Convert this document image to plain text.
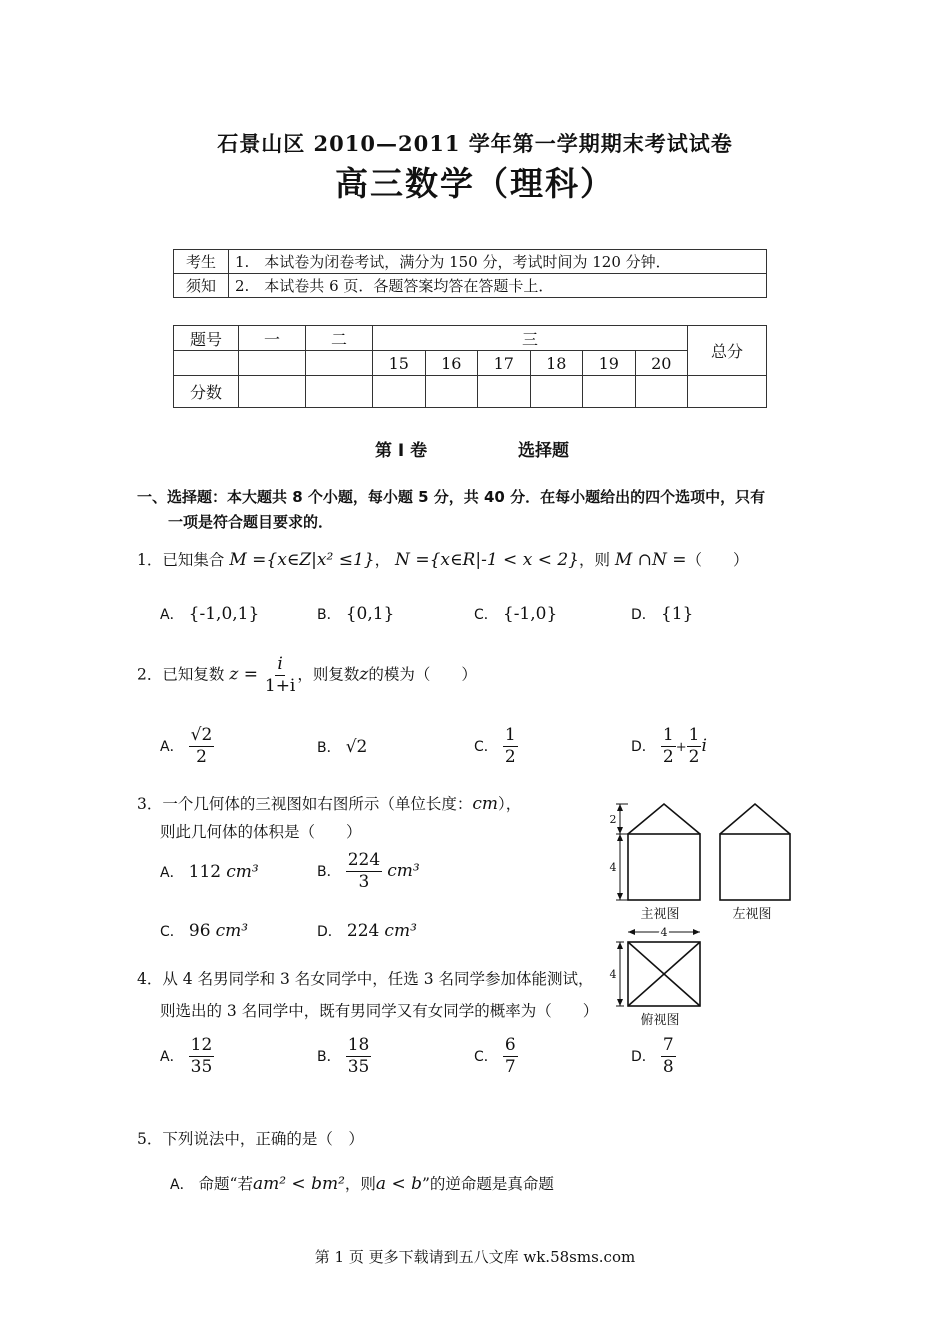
石景山区 2010—2011 学年第一学期期末考试试卷
高三数学（理科）
考生	1.　本试卷为闭卷考试，满分为 150 分，考试时间为 120 分钟．
须知	2.　本试卷共 6 页．各题答案均答在答题卡上．
题号	一	二	三						总分
			15	16	17	18	19	20	
分数									
第 I 卷	选择题
一、选择题：本大题共 8 个小题，每小题 5 分，共 40 分．在每小题给出的四个选项中，只有
一项是符合题目要求的．
1．已知集合 M ={x∈Z|x² ≤1}， N ={x∈R|-1 < x < 2}，则 M ∩N =（　　）
A． {-1,0,1}	B． {0,1}	C． {-1,0}	D． {1}
2．已知复数 $z = \frac{i}{1+i}$ ，则复数z的模为（　　）
A． $\frac{√2}{2}$	B． √2	C． $\frac{1}{2}$	D． $\frac{1}{2} + \frac{1}{2}$ i
3．一个几何体的三视图如右图所示（单位长度：cm），
则此几何体的体积是（　　）
A． 112 cm³	B． $\frac{224}{3} cm^3$
C． 96 cm³	D． 224 cm³
2
4
4
4
主视图	左视图
俯视图
4．从 4 名男同学和 3 名女同学中，任选 3 名同学参加体能测试，
则选出的 3 名同学中，既有男同学又有女同学的概率为（　　）
A． $\frac{12}{35}$	B． $\frac{18}{35}$	C． $\frac{6}{7}$	D． $\frac{7}{8}$
5．下列说法中，正确的是（　）
A． 命题“若am² < bm²，则a < b”的逆命题是真命题
第 1 页 更多下载请到五八文库 wk.58sms.com
